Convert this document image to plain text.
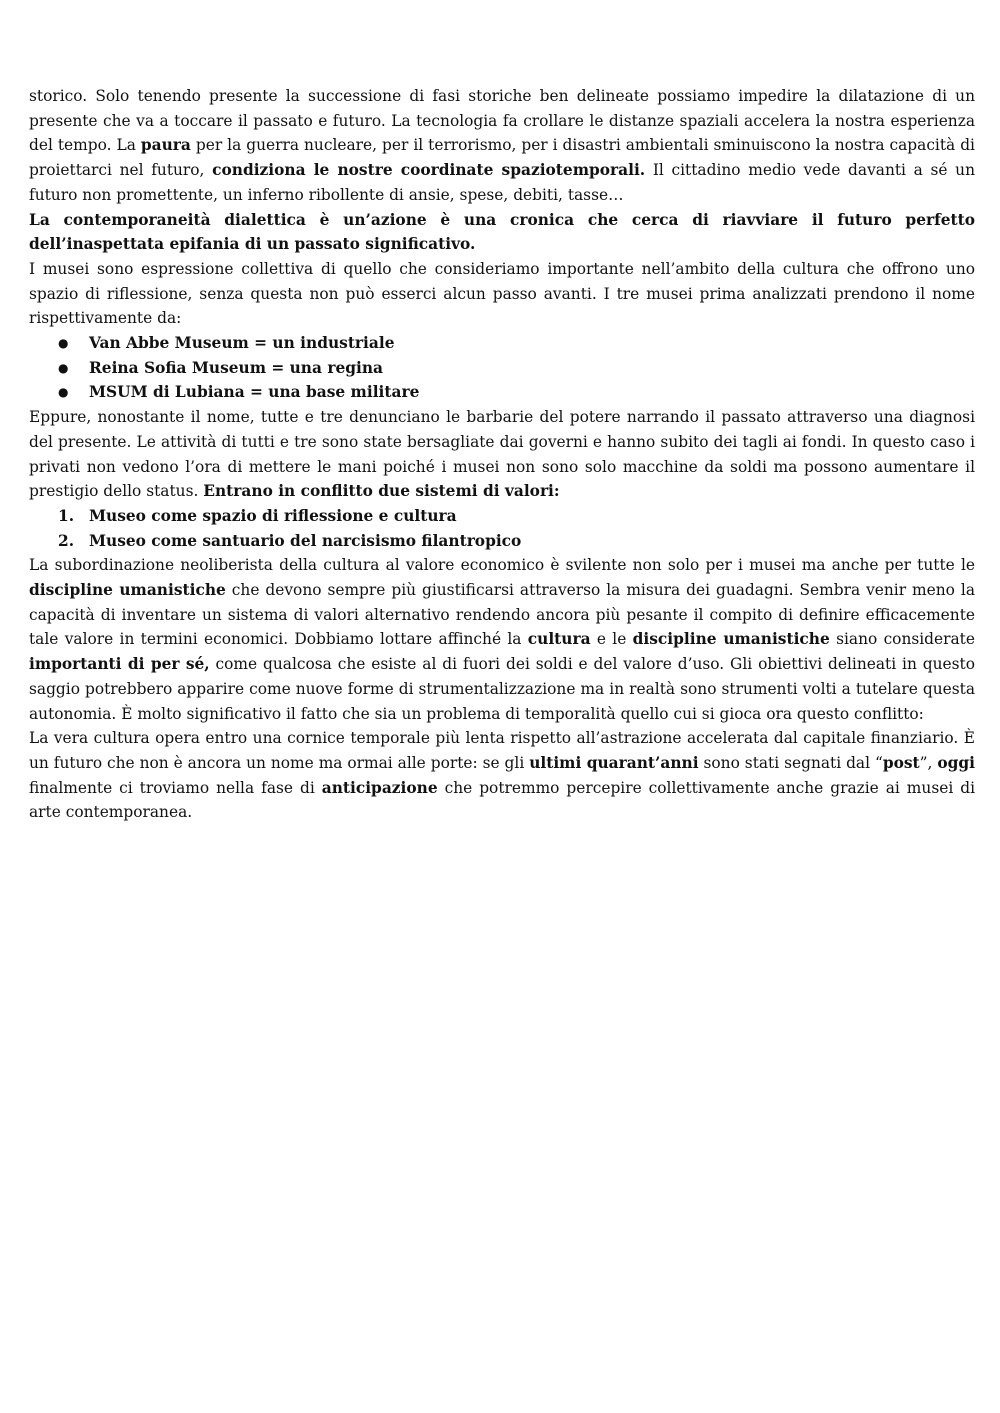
storico. Solo tenendo presente la successione di fasi storiche ben delineate possiamo impedire la dilatazione di un presente che va a toccare il passato e futuro. La tecnologia fa crollare le distanze spaziali accelera la nostra esperienza del tempo. La paura per la guerra nucleare, per il terrorismo, per i disastri ambientali sminuiscono la nostra capacità di proiettarci nel futuro, condiziona le nostre coordinate spaziotemporali. Il cittadino medio vede davanti a sé un futuro non promettente, un inferno ribollente di ansie, spese, debiti, tasse…

La contemporaneità dialettica è un’azione è una cronica che cerca di riavviare il futuro perfetto dell’inaspettata epifania di un passato significativo.

I musei sono espressione collettiva di quello che consideriamo importante nell’ambito della cultura che offrono uno spazio di riflessione, senza questa non può esserci alcun passo avanti. I tre musei prima analizzati prendono il nome rispettivamente da:

● Van Abbe Museum = un industriale
● Reina Sofia Museum = una regina
● MSUM di Lubiana = una base militare

Eppure, nonostante il nome, tutte e tre denunciano le barbarie del potere narrando il passato attraverso una diagnosi del presente. Le attività di tutti e tre sono state bersagliate dai governi e hanno subito dei tagli ai fondi. In questo caso i privati non vedono l’ora di mettere le mani poiché i musei non sono solo macchine da soldi ma possono aumentare il prestigio dello status. Entrano in conflitto due sistemi di valori:

1. Museo come spazio di riflessione e cultura
2. Museo come santuario del narcisismo filantropico

La subordinazione neoliberista della cultura al valore economico è svilente non solo per i musei ma anche per tutte le discipline umanistiche che devono sempre più giustificarsi attraverso la misura dei guadagni. Sembra venir meno la capacità di inventare un sistema di valori alternativo rendendo ancora più pesante il compito di definire efficacemente tale valore in termini economici. Dobbiamo lottare affinché la cultura e le discipline umanistiche siano considerate importanti di per sé, come qualcosa che esiste al di fuori dei soldi e del valore d’uso. Gli obiettivi delineati in questo saggio potrebbero apparire come nuove forme di strumentalizzazione ma in realtà sono strumenti volti a tutelare questa autonomia. È molto significativo il fatto che sia un problema di temporalità quello cui si gioca ora questo conflitto:

La vera cultura opera entro una cornice temporale più lenta rispetto all’astrazione accelerata dal capitale finanziario. È un futuro che non è ancora un nome ma ormai alle porte: se gli ultimi quarant’anni sono stati segnati dal “post”, oggi finalmente ci troviamo nella fase di anticipazione che potremmo percepire collettivamente anche grazie ai musei di arte contemporanea.
